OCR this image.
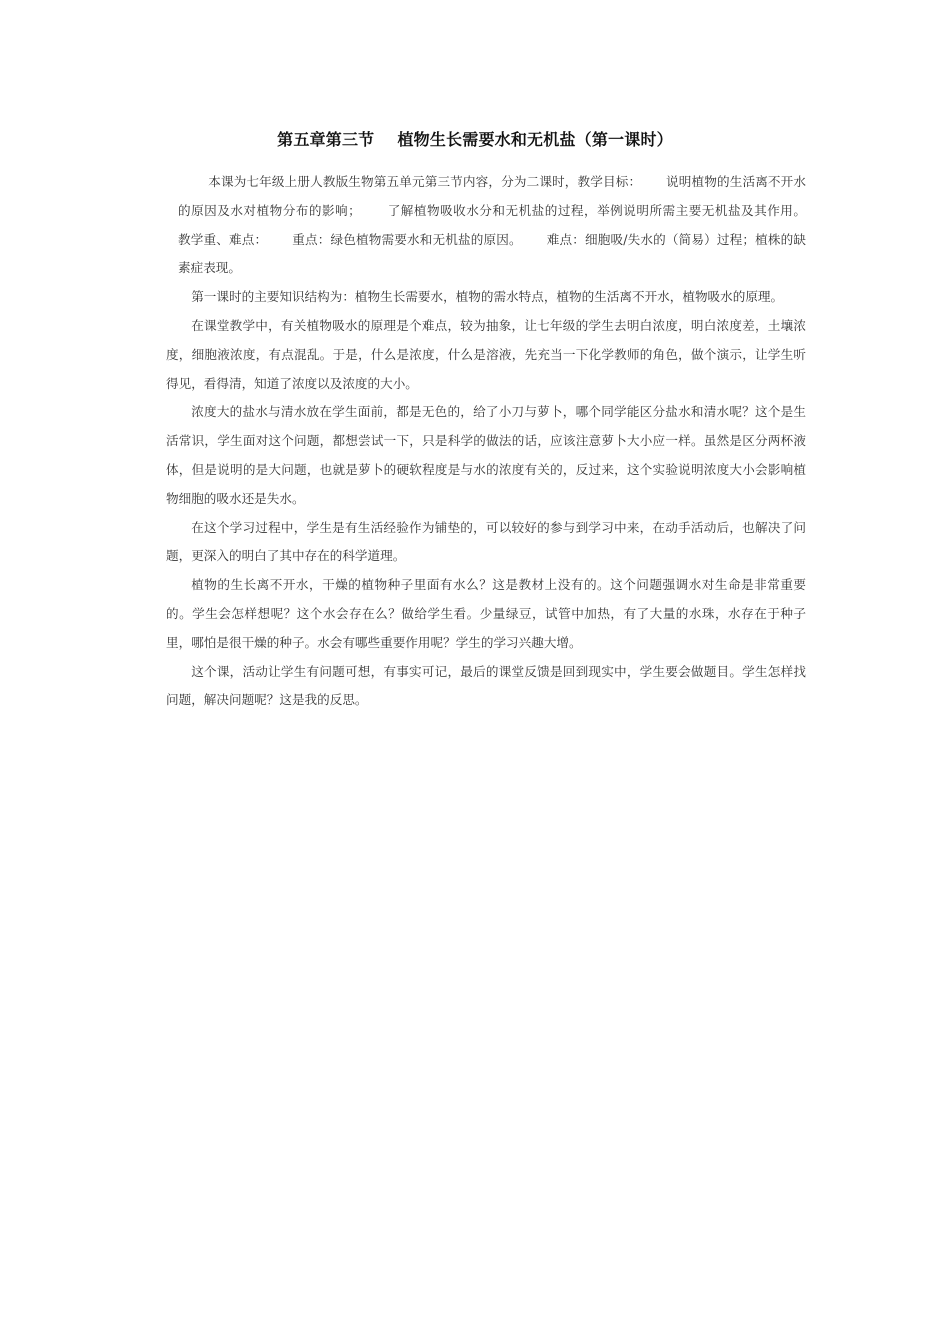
第五章第三节    植物生长需要水和无机盐（第一课时）

本课为七年级上册人教版生物第五单元第三节内容，分为二课时，教学目标：      说明植物的生活离不开水的原因及水对植物分布的影响；      了解植物吸收水分和无机盐的过程，举例说明所需主要无机盐及其作用。          教学重、难点：      重点：绿色植物需要水和无机盐的原因。      难点：细胞吸/失水的（简易）过程；植株的缺素症表现。

第一课时的主要知识结构为：植物生长需要水，植物的需水特点，植物的生活离不开水，植物吸水的原理。

在课堂教学中，有关植物吸水的原理是个难点，较为抽象，让七年级的学生去明白浓度，明白浓度差，土壤浓度，细胞液浓度，有点混乱。于是，什么是浓度，什么是溶液，先充当一下化学教师的角色，做个演示，让学生听得见，看得清，知道了浓度以及浓度的大小。

浓度大的盐水与清水放在学生面前，都是无色的，给了小刀与萝卜，哪个同学能区分盐水和清水呢？这个是生活常识，学生面对这个问题，都想尝试一下，只是科学的做法的话，应该注意萝卜大小应一样。虽然是区分两杯液体，但是说明的是大问题，也就是萝卜的硬软程度是与水的浓度有关的，反过来，这个实验说明浓度大小会影响植物细胞的吸水还是失水。

在这个学习过程中，学生是有生活经验作为铺垫的，可以较好的参与到学习中来，在动手活动后，也解决了问题，更深入的明白了其中存在的科学道理。

植物的生长离不开水，干燥的植物种子里面有水么？这是教材上没有的。这个问题强调水对生命是非常重要的。学生会怎样想呢？这个水会存在么？做给学生看。少量绿豆，试管中加热，有了大量的水珠，水存在于种子里，哪怕是很干燥的种子。水会有哪些重要作用呢？学生的学习兴趣大增。

这个课，活动让学生有问题可想，有事实可记，最后的课堂反馈是回到现实中，学生要会做题目。学生怎样找问题，解决问题呢？这是我的反思。
